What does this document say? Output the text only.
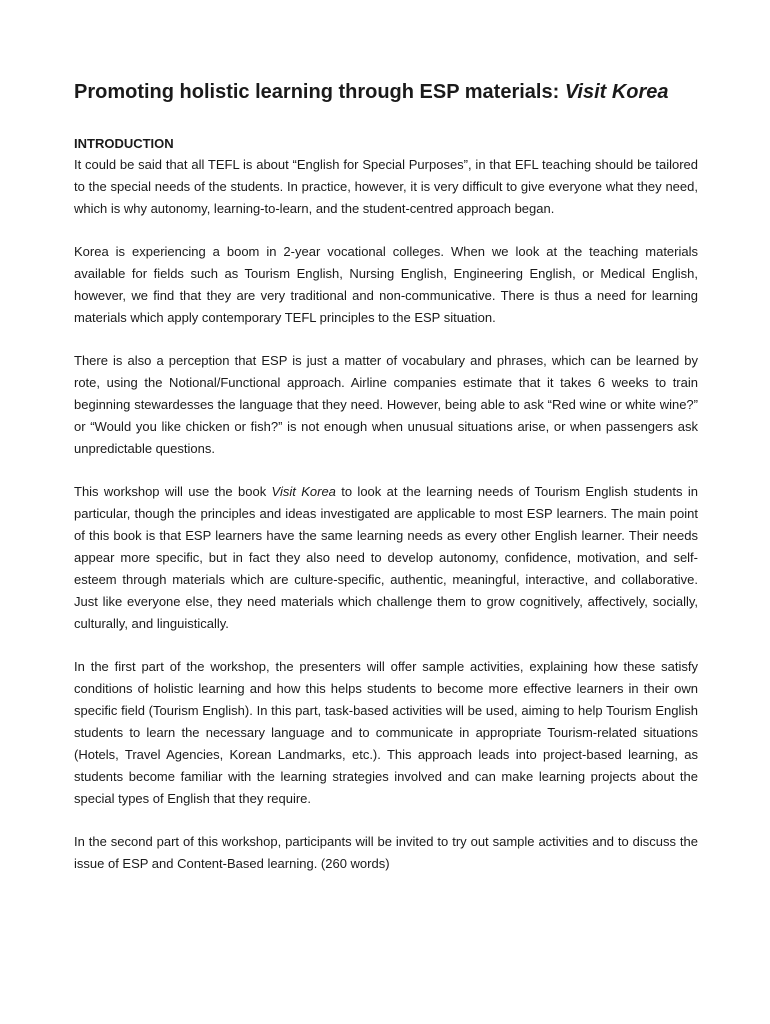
Promoting holistic learning through ESP materials: Visit Korea
INTRODUCTION

It could be said that all TEFL is about “English for Special Purposes”, in that EFL teaching should be tailored to the special needs of the students. In practice, however, it is very difficult to give everyone what they need, which is why autonomy, learning-to-learn, and the student-centred approach began.

Korea is experiencing a boom in 2-year vocational colleges. When we look at the teaching materials available for fields such as Tourism English, Nursing English, Engineering English, or Medical English, however, we find that they are very traditional and non-communicative. There is thus a need for learning materials which apply contemporary TEFL principles to the ESP situation.

There is also a perception that ESP is just a matter of vocabulary and phrases, which can be learned by rote, using the Notional/Functional approach. Airline companies estimate that it takes 6 weeks to train beginning stewardesses the language that they need. However, being able to ask “Red wine or white wine?” or “Would you like chicken or fish?” is not enough when unusual situations arise, or when passengers ask unpredictable questions.

This workshop will use the book Visit Korea to look at the learning needs of Tourism English students in particular, though the principles and ideas investigated are applicable to most ESP learners. The main point of this book is that ESP learners have the same learning needs as every other English learner. Their needs appear more specific, but in fact they also need to develop autonomy, confidence, motivation, and self-esteem through materials which are culture-specific, authentic, meaningful, interactive, and collaborative. Just like everyone else, they need materials which challenge them to grow cognitively, affectively, socially, culturally, and linguistically.

In the first part of the workshop, the presenters will offer sample activities, explaining how these satisfy conditions of holistic learning and how this helps students to become more effective learners in their own specific field (Tourism English). In this part, task-based activities will be used, aiming to help Tourism English students to learn the necessary language and to communicate in appropriate Tourism-related situations (Hotels, Travel Agencies, Korean Landmarks, etc.). This approach leads into project-based learning, as students become familiar with the learning strategies involved and can make learning projects about the special types of English that they require.

In the second part of this workshop, participants will be invited to try out sample activities and to discuss the issue of ESP and Content-Based learning. (260 words)
